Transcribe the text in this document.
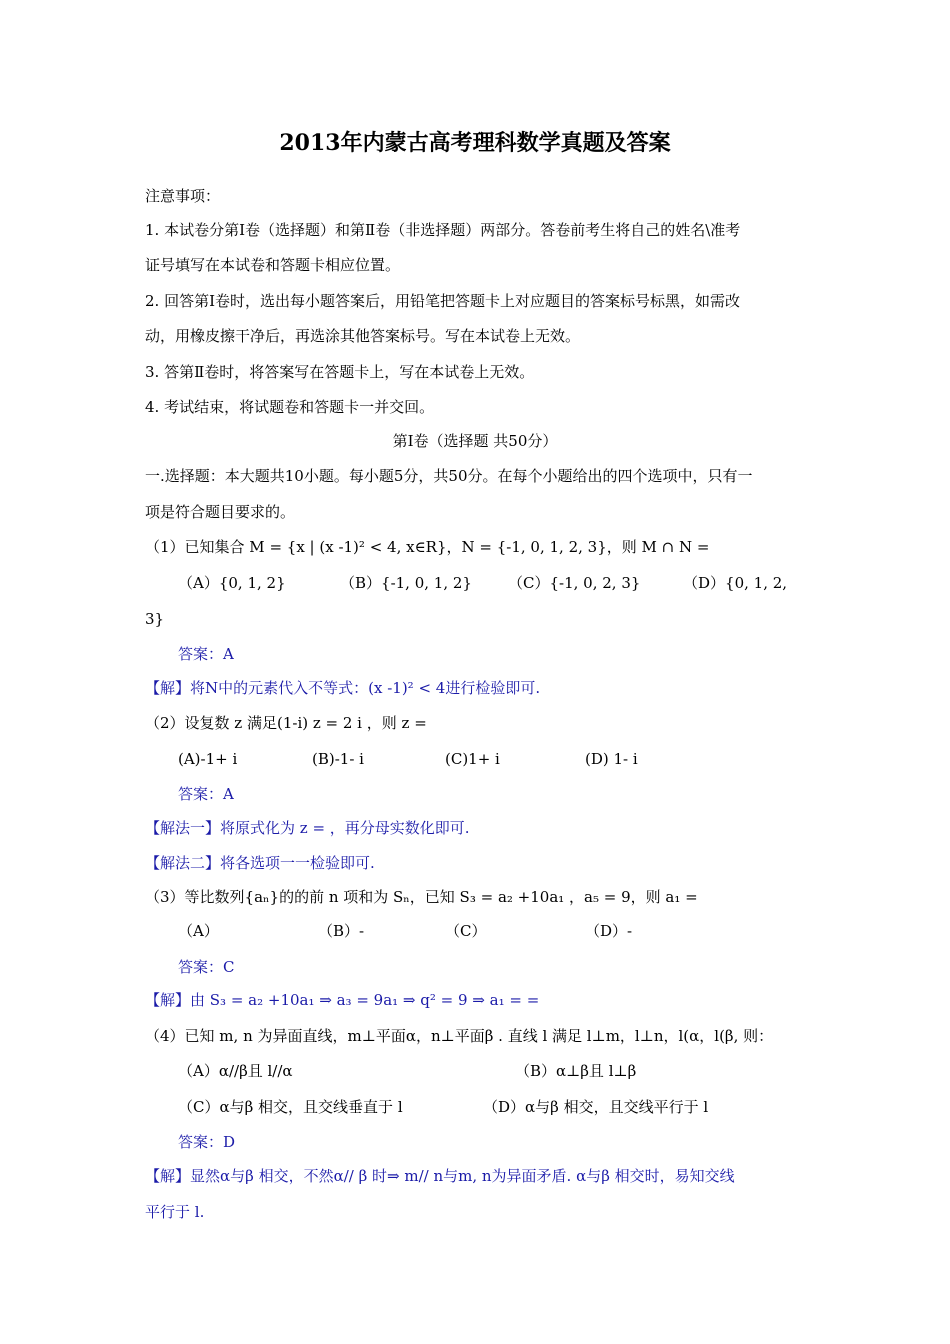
2013年内蒙古高考理科数学真题及答案
注意事项：
1. 本试卷分第Ⅰ卷（选择题）和第Ⅱ卷（非选择题）两部分。答卷前考生将自己的姓名\准考
证号填写在本试卷和答题卡相应位置。
2. 回答第Ⅰ卷时，选出每小题答案后，用铅笔把答题卡上对应题目的答案标号标黑，如需改
动，用橡皮擦干净后，再选涂其他答案标号。写在本试卷上无效。
3. 答第Ⅱ卷时，将答案写在答题卡上，写在本试卷上无效。
4. 考试结束，将试题卷和答题卡一并交回。
第Ⅰ卷（选择题 共50分）
一.选择题：本大题共10小题。每小题5分，共50分。在每个小题给出的四个选项中，只有一
项是符合题目要求的。
（1）已知集合 M = {x | (x -1)² < 4, x∈R}，N = {-1, 0, 1, 2, 3}，则 M ∩ N =
（A）{0, 1, 2}	（B）{-1, 0, 1, 2} （C）{-1, 0, 2, 3}	（D）{0, 1, 2,
3}
答案：A
【解】将N中的元素代入不等式：(x -1)² < 4进行检验即可.
（2）设复数 z 满足(1-i) z = 2 i ，则 z =
(A)-1+ i	(B)-1- i	(C)1+ i	(D) 1- i
答案：A
【解法一】将原式化为 z = ，再分母实数化即可.
【解法二】将各选项一一检验即可.
（3）等比数列{aₙ}的的前 n 项和为 Sₙ，已知 S₃ = a₂ +10a₁ ，a₅ = 9，则 a₁ =
（A）	（B）-	（C）	（D）-
答案：C
【解】由 S₃ = a₂ +10a₁ ⇒ a₃ = 9a₁ ⇒ q² = 9 ⇒ a₁ = =
（4）已知 m, n 为异面直线，m⊥平面α，n⊥平面β . 直线 l 满足 l⊥m，l⊥n，l(α，l(β, 则：
（A）α//β且 l//α	（B）α⊥β且 l⊥β
（C）α与β 相交，且交线垂直于 l	（D）α与β 相交，且交线平行于 l
答案：D
【解】显然α与β 相交，不然α// β 时⇒ m// n与m, n为异面矛盾. α与β 相交时，易知交线
平行于 l.
